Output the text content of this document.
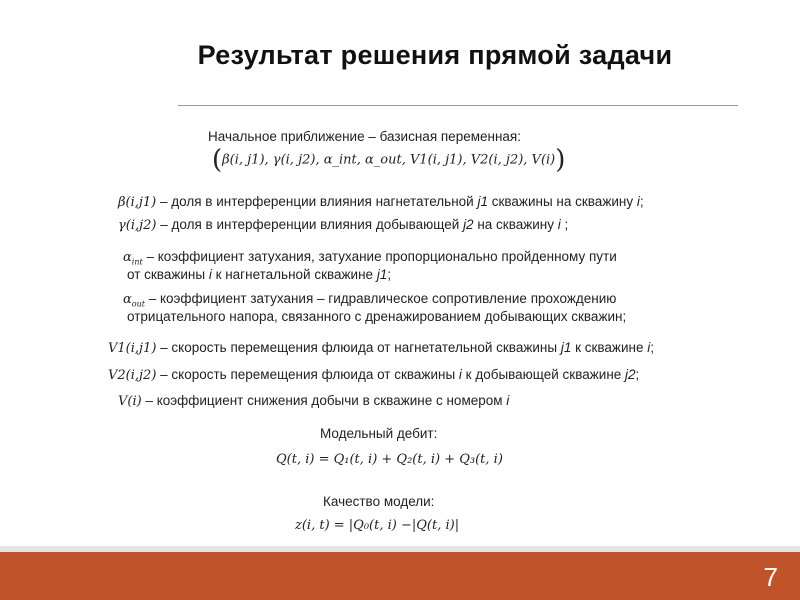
Результат решения прямой задачи
Начальное приближение – базисная переменная:
(β(i, j1), γ(i, j2), α_int, α_out, V1(i, j1), V2(i, j2), V(i))
β(i,j1) – доля в интерференции влияния нагнетательной j1 скважины на скважину i;
γ(i,j2) – доля в интерференции влияния добывающей j2 на скважину i ;
$\alpha_{int}$ – коэффициент затухания, затухание пропорционально пройденному пути
от скважины i к нагнетальной скважине j1;
$\alpha_{out}$ – коэффициент затухания – гидравлическое сопротивление прохождению
отрицательного напора, связанного с дренажированием добывающих скважин;
V1(i,j1) – скорость перемещения флюида от нагнетательной скважины j1 к скважине i;
V2(i,j2) – скорость перемещения флюида от скважины i к добывающей скважине j2;
V(i) – коэффициент снижения добычи в скважине с номером i
Модельный дебит:
Q(t, i) = Q₁(t, i) + Q₂(t, i) + Q₃(t, i)
Качество модели:
z(i, t) = |Q₀(t, i) −|Q(t, i)|
7
